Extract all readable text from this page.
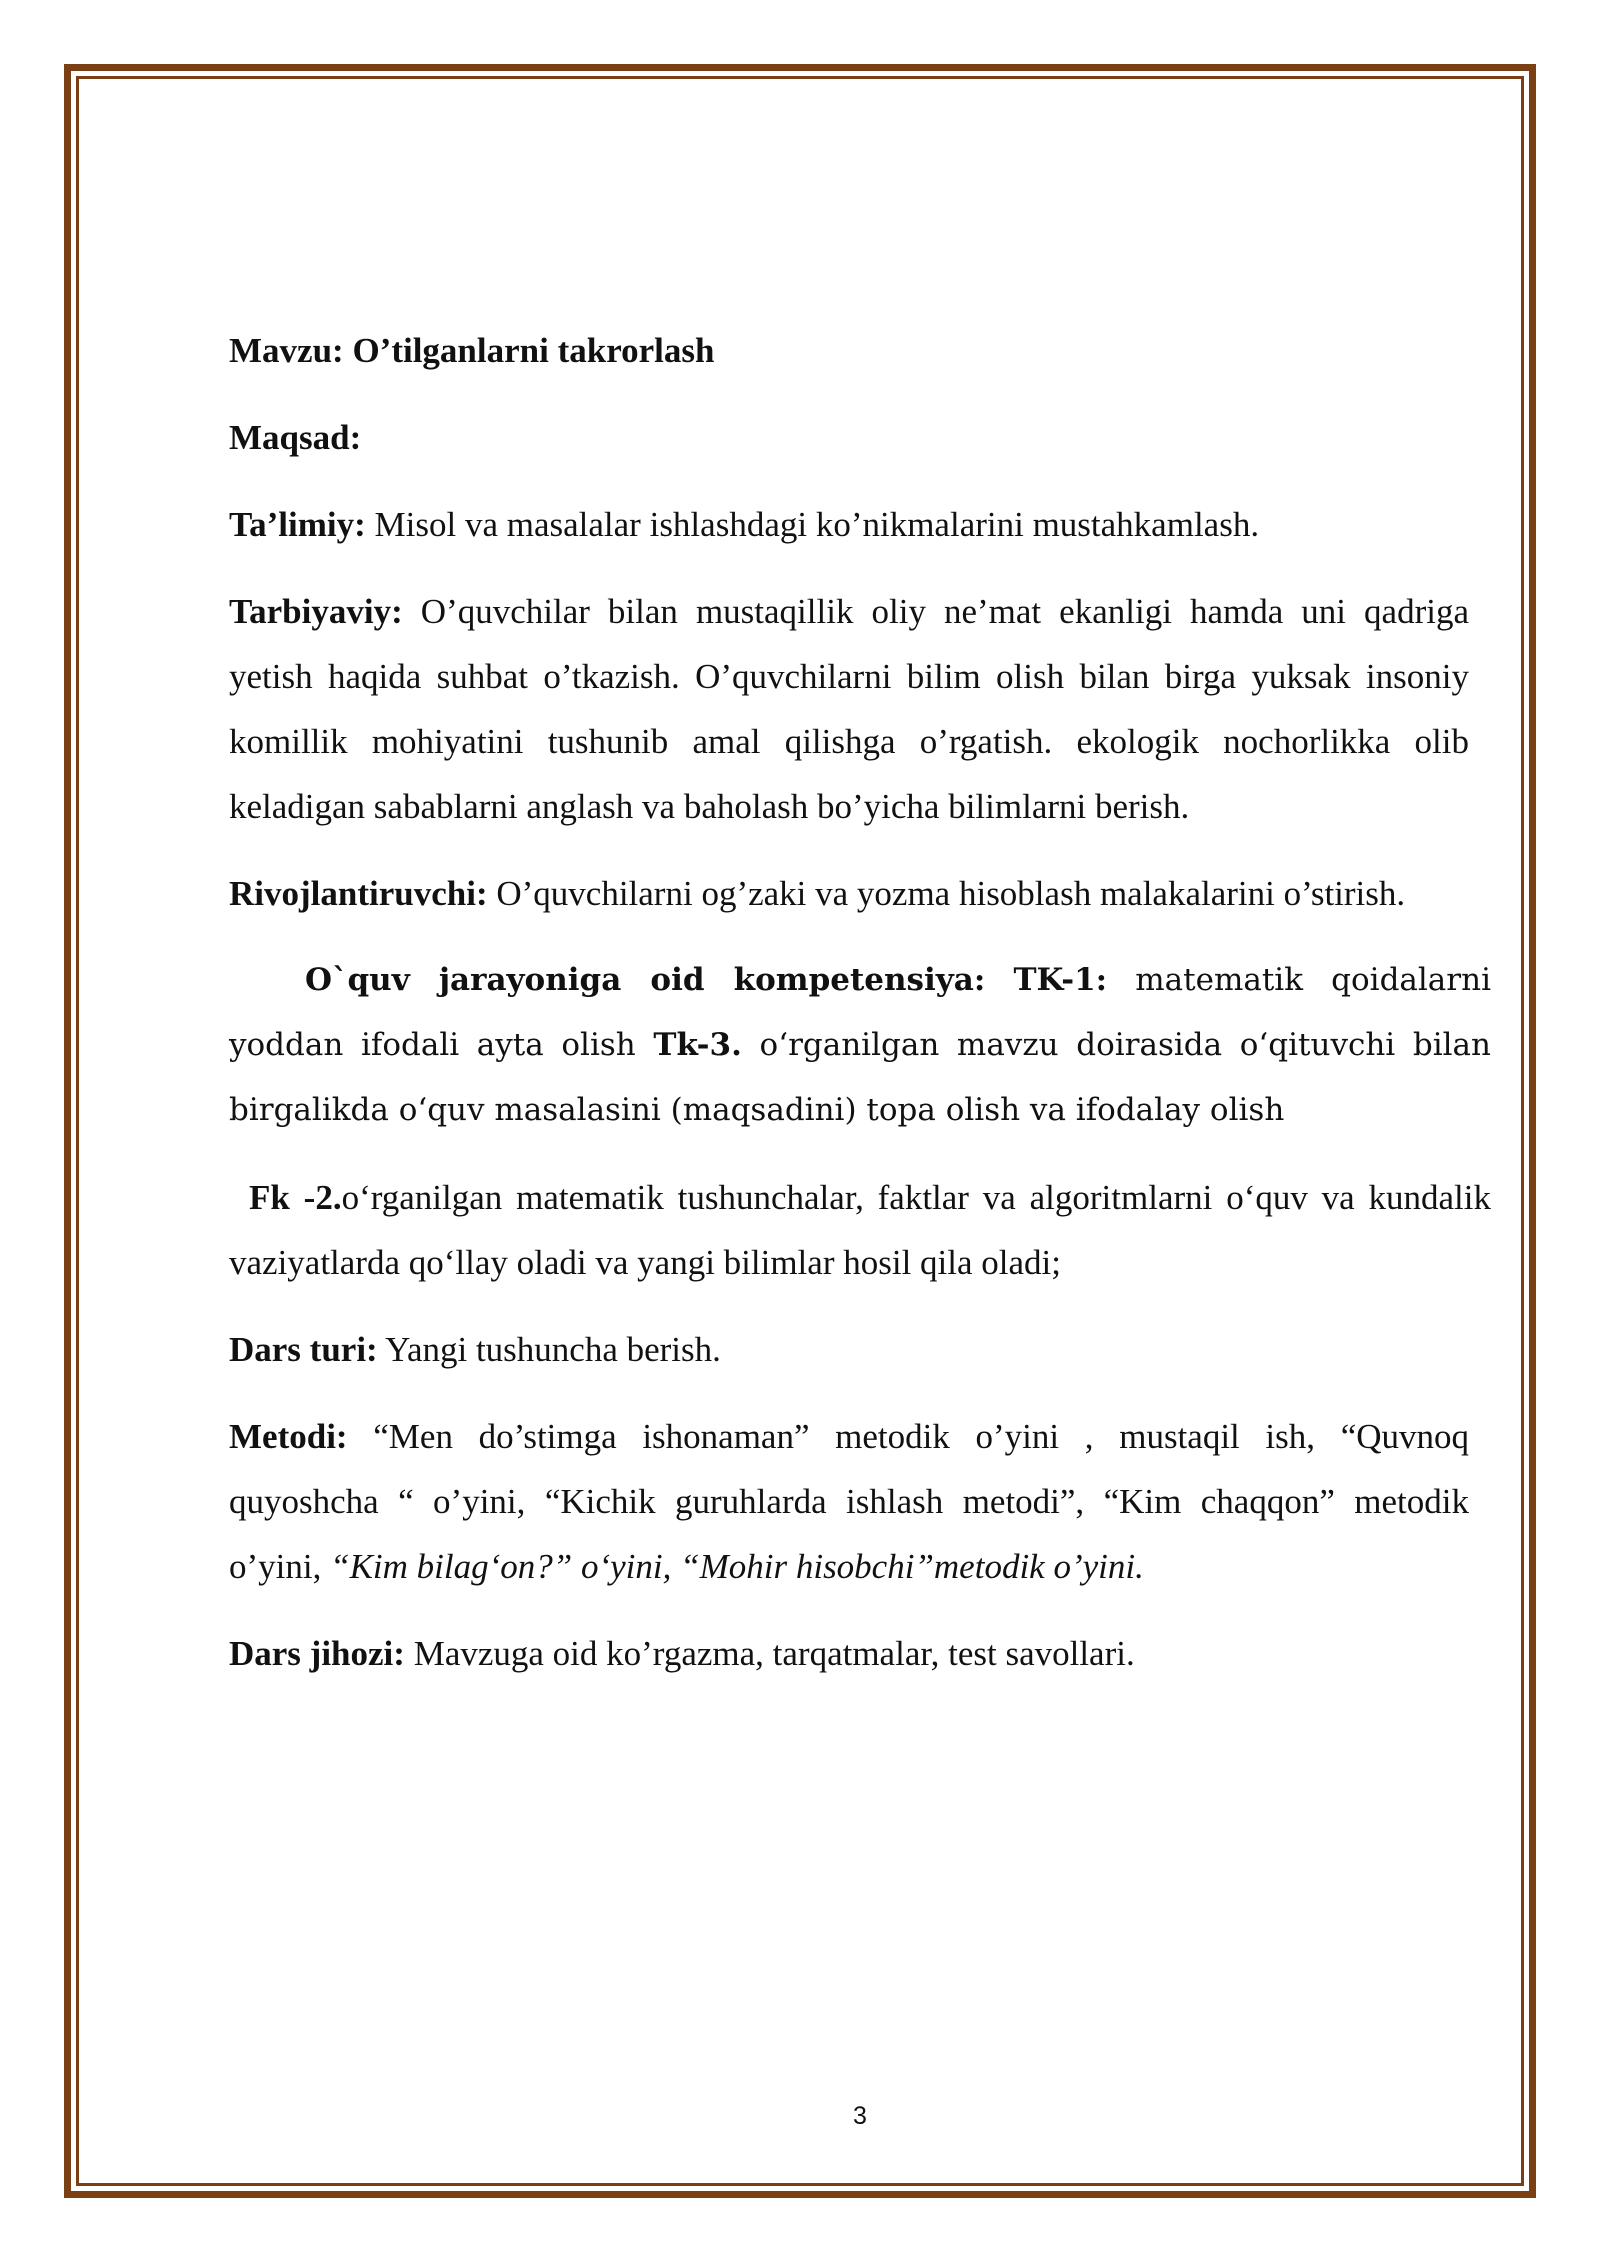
Mavzu: O’tilganlarni takrorlash

Maqsad:

Ta’limiy: Misol va masalalar ishlashdagi ko’nikmalarini mustahkamlash.

Tarbiyaviy: O’quvchilar bilan mustaqillik oliy ne’mat ekanligi hamda uni qadriga yetish haqida suhbat o’tkazish. O’quvchilarni bilim olish bilan birga yuksak insoniy komillik mohiyatini tushunib amal qilishga o’rgatish. ekologik nochorlikka olib keladigan sabablarni anglash va baholash bo’yicha bilimlarni berish.

Rivojlantiruvchi: O’quvchilarni og’zaki va yozma hisoblash malakalarini o’stirish.

O`quv jarayoniga oid kompetensiya: TK-1: matematik qoidalarni yoddan ifodali ayta olish Tk-3. o‘rganilgan mavzu doirasida o‘qituvchi bilan birgalikda o‘quv masalasini (maqsadini) topa olish va ifodalay olish

Fk -2.o‘rganilgan matematik tushunchalar, faktlar va algoritmlarni o‘quv va kundalik vaziyatlarda qo‘llay oladi va yangi bilimlar hosil qila oladi;

Dars turi: Yangi tushuncha berish.

Metodi: “Men do’stimga ishonaman” metodik o’yini , mustaqil ish, “Quvnoq quyoshcha “ o’yini, “Kichik guruhlarda ishlash metodi”, “Kim chaqqon” metodik o’yini, “Kim bilag‘on?” o‘yini, “Mohir hisobchi”metodik o’yini.

Dars jihozi: Mavzuga oid ko’rgazma, tarqatmalar, test savollari.

3
